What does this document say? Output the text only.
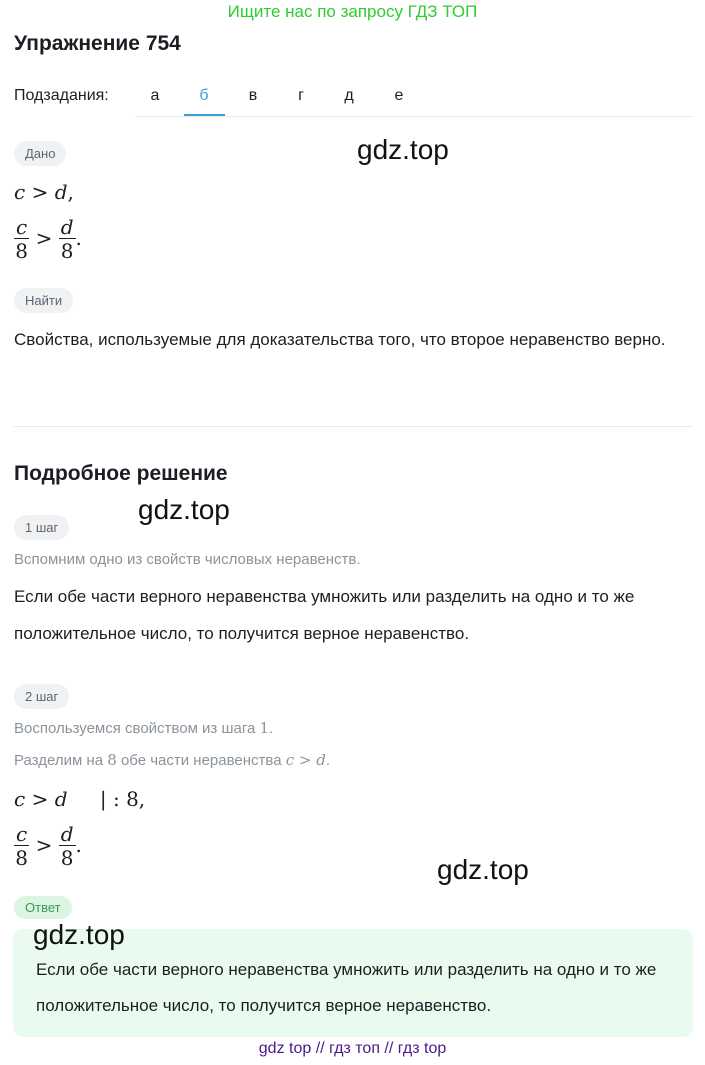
Ищите нас по запросу ГДЗ ТОП
Упражнение 754
Подзадания:	а	б	в	г	д	е
Дано
c > d,
$\frac{c}{8} > \frac{d}{8}$ .
Найти
Свойства, используемые для доказательства того, что второе неравенство верно.
Подробное решение
1 шаг
Вспомним одно из свойств числовых неравенств.
Если обе части верного неравенства умножить или разделить на одно и то же положительное число, то получится верное неравенство.
2 шаг
Воспользуемся свойством из шага 1.
Разделим на 8 обе части неравенства c > d.
c > d | : 8,
$\frac{c}{8} > \frac{d}{8}$ .
Ответ
Если обе части верного неравенства умножить или разделить на одно и то же положительное число, то получится верное неравенство.
gdz.top
gdz.top
gdz.top
gdz.top
gdz top // гдз топ // гдз top
